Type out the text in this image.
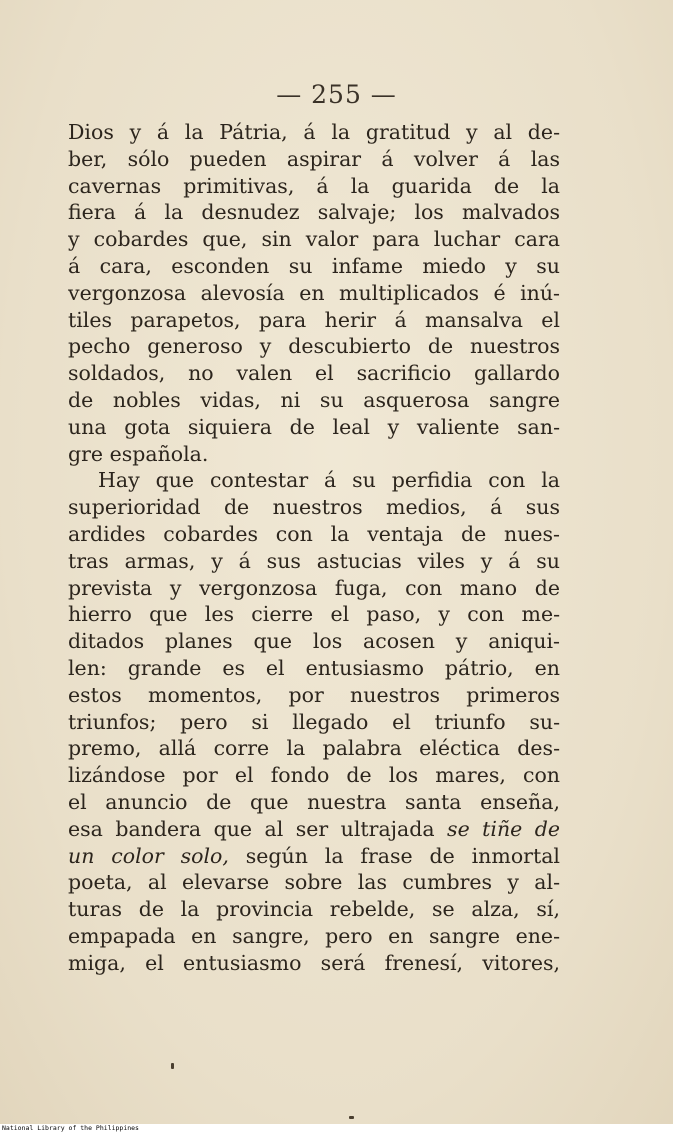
— 255 —
Dios y á la Pátria, á la gratitud y al de-
ber, sólo pueden aspirar á volver á las
cavernas primitivas, á la guarida de la
fiera á la desnudez salvaje; los malvados
y cobardes que, sin valor para luchar cara
á cara, esconden su infame miedo y su
vergonzosa alevosía en multiplicados é inú-
tiles parapetos, para herir á mansalva el
pecho generoso y descubierto de nuestros
soldados, no valen el sacrificio gallardo
de nobles vidas, ni su asquerosa sangre
una gota siquiera de leal y valiente san-
gre española.
Hay que contestar á su perfidia con la
superioridad de nuestros medios, á sus
ardides cobardes con la ventaja de nues-
tras armas, y á sus astucias viles y á su
prevista y vergonzosa fuga, con mano de
hierro que les cierre el paso, y con me-
ditados planes que los acosen y aniqui-
len: grande es el entusiasmo pátrio, en
estos momentos, por nuestros primeros
triunfos; pero si llegado el triunfo su-
premo, allá corre la palabra eléctica des-
lizándose por el fondo de los mares, con
el anuncio de que nuestra santa enseña,
esa bandera que al ser ultrajada se tiñe de
un color solo, según la frase de inmortal
poeta, al elevarse sobre las cumbres y al-
turas de la provincia rebelde, se alza, sí,
empapada en sangre, pero en sangre ene-
miga, el entusiasmo será frenesí, vitores,
National Library of the Philippines
